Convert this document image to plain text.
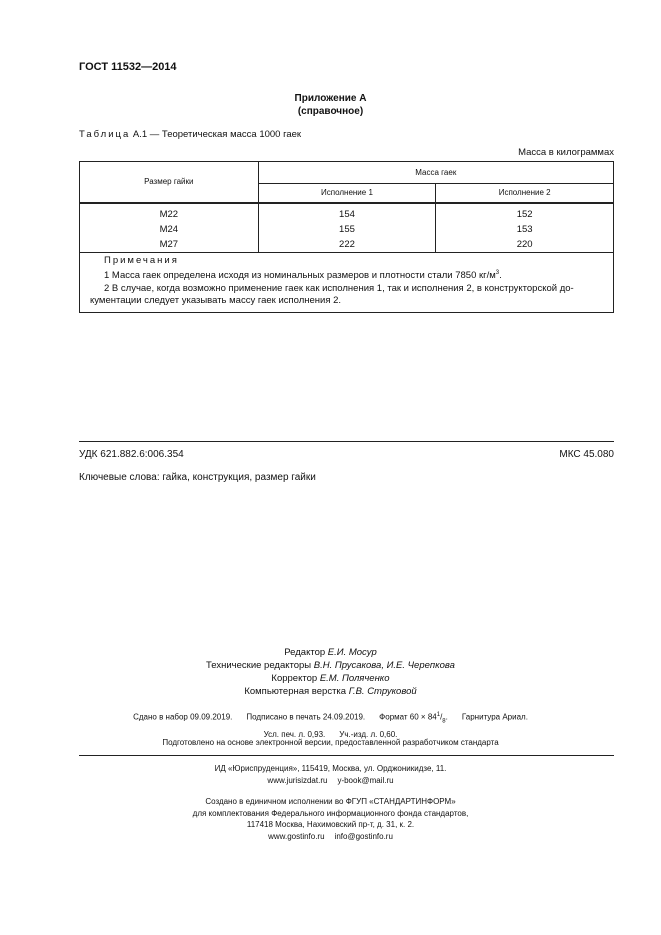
ГОСТ 11532—2014
Приложение А
(справочное)
Таблица А.1 — Теоретическая масса 1000 гаек
Масса в килограммах
Размер гайки	Масса гаек	
	Исполнение 1	Исполнение 2
М22	154	152
М24	155	153
М27	222	220

Примечания
1 Масса гаек определена исходя из номинальных размеров и плотности стали 7850 $кг/м^3$.
2 В случае, когда возможно применение гаек как исполнения 1, так и исполнения 2, в конструкторской до-
кументации следует указывать массу гаек исполнения 2.		
УДК 621.882.6:006.354	МКС 45.080
Ключевые слова: гайка, конструкция, размер гайки
Редактор Е.И. Мосур
Технические редакторы В.Н. Прусакова, И.Е. Черепкова
Корректор Е.М. Поляченко
Компьютерная верстка Г.В. Струковой
Сдано в набор 09.09.2019. Подписано в печать 24.09.2019. Формат $60 \times 84^1/_8$. Гарнитура Ариал.
Усл. печ. л. 0,93. Уч.-изд. л. 0,60.
Подготовлено на основе электронной версии, предоставленной разработчиком стандарта
ИД «Юриспруденция», 115419, Москва, ул. Орджоникидзе, 11.
www.jurisizdat.ru y-book@mail.ru
Создано в единичном исполнении во ФГУП «СТАНДАРТИНФОРМ»
для комплектования Федерального информационного фонда стандартов,
117418 Москва, Нахимовский пр-т, д. 31, к. 2.
www.gostinfo.ru info@gostinfo.ru
